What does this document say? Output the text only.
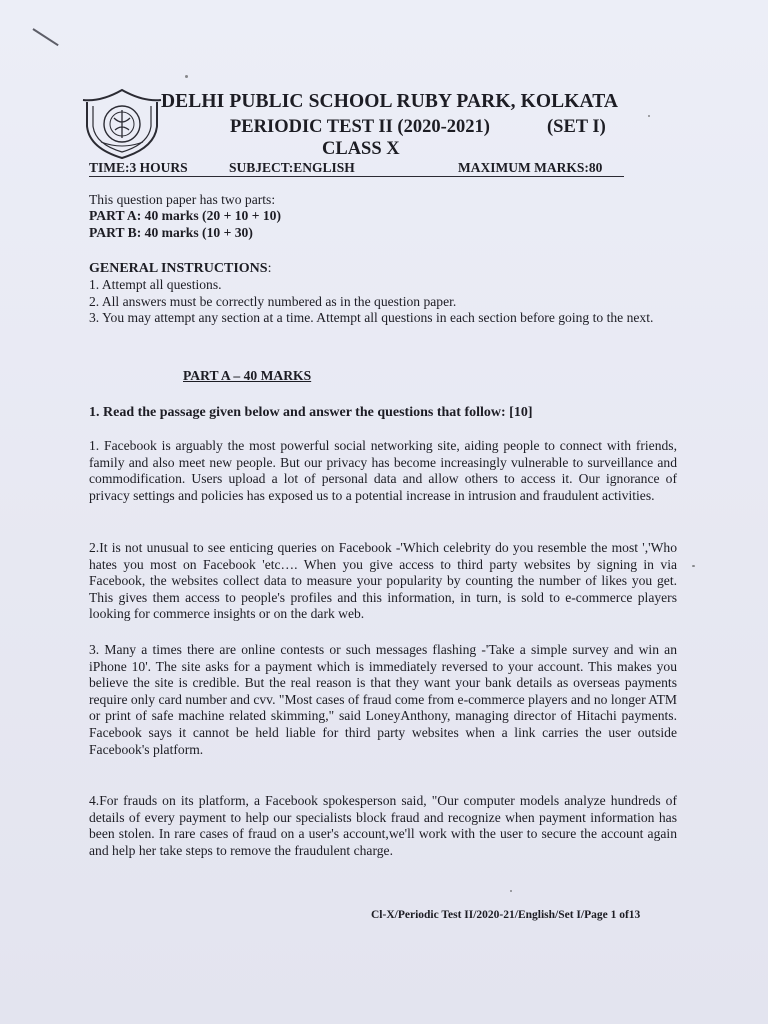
DELHI PUBLIC SCHOOL RUBY PARK, KOLKATA
PERIODIC TEST II (2020-2021)	(SET I)
CLASS X
TIME:3 HOURS	SUBJECT:ENGLISH	MAXIMUM MARKS:80
This question paper has two parts:
PART A: 40 marks (20 + 10 + 10)
PART B: 40 marks (10 + 30)
GENERAL INSTRUCTIONS:
1. Attempt all questions.
2. All answers must be correctly numbered as in the question paper.
3. You may attempt any section at a time. Attempt all questions in each section before going to the next.
PART A – 40 MARKS
1. Read the passage given below and answer the questions that follow: [10]
1. Facebook is arguably the most powerful social networking site, aiding people to connect with friends, family and also meet new people. But our privacy has become increasingly vulnerable to surveillance and commodification. Users upload a lot of personal data and allow others to access it. Our ignorance of privacy settings and policies has exposed us to a potential increase in intrusion and fraudulent activities.
2.It is not unusual to see enticing queries on Facebook -'Which celebrity do you resemble the most ','Who hates you most on Facebook 'etc…. When you give access to third party websites by signing in via Facebook, the websites collect data to measure your popularity by counting the number of likes you get. This gives them access to people's profiles and this information, in turn, is sold to e-commerce players looking for commerce insights or on the dark web.
3. Many a times there are online contests or such messages flashing -'Take a simple survey and win an iPhone 10'. The site asks for a payment which is immediately reversed to your account. This makes you believe the site is credible. But the real reason is that they want your bank details as overseas payments require only card number and cvv. "Most cases of fraud come from e-commerce players and no longer ATM or print of safe machine related skimming," said LoneyAnthony, managing director of Hitachi payments. Facebook says it cannot be held liable for third party websites when a link carries the user outside Facebook's platform.
4.For frauds on its platform, a Facebook spokesperson said, "Our computer models analyze hundreds of details of every payment to help our specialists block fraud and recognize when payment information has been stolen. In rare cases of fraud on a user's account,we'll work with the user to secure the account again and help her take steps to remove the fraudulent charge.
Cl-X/Periodic Test II/2020-21/English/Set I/Page 1 of13
